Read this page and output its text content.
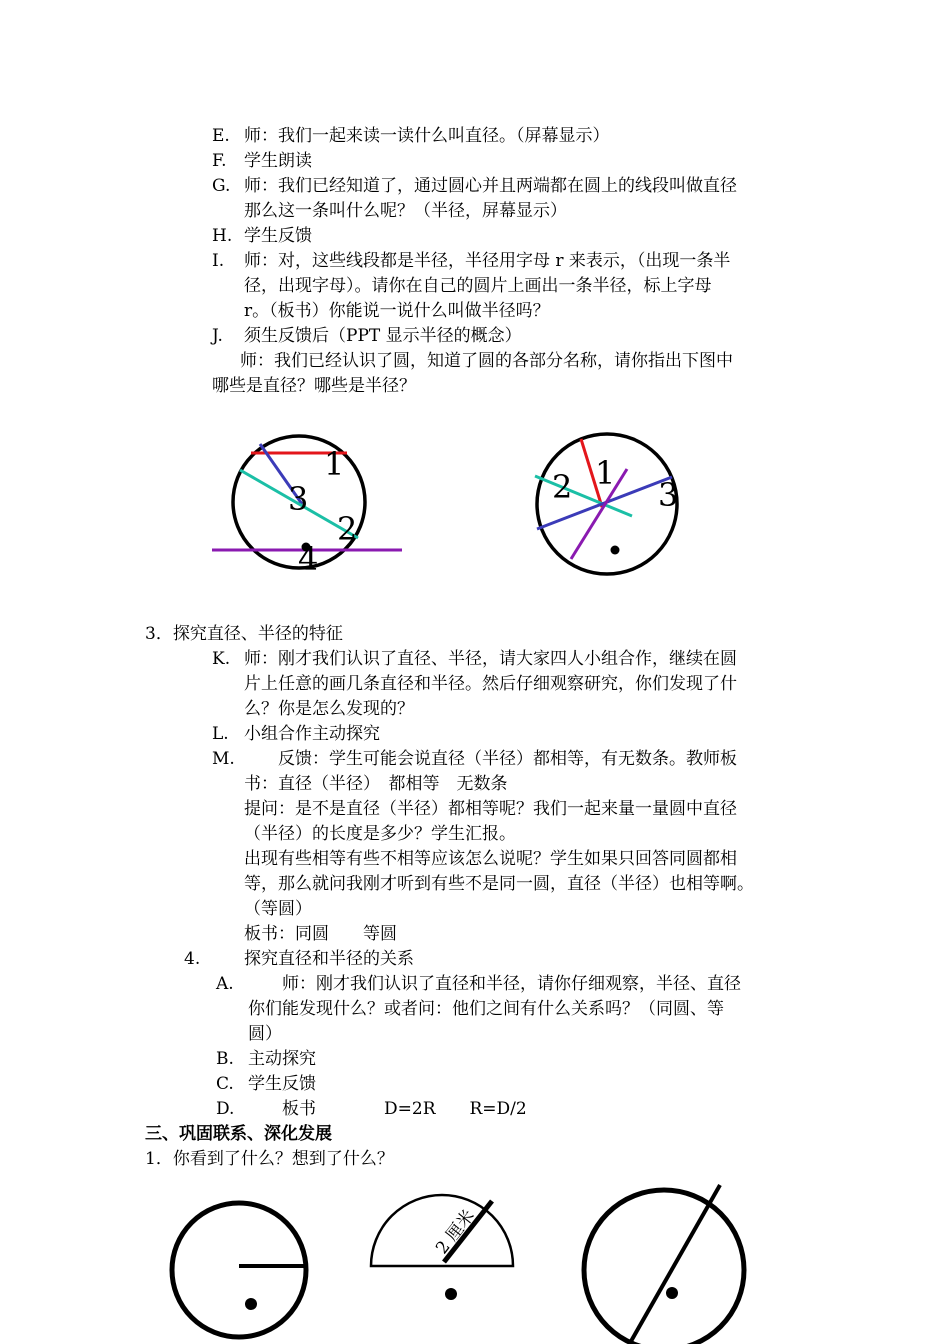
E. 师：我们一起来读一读什么叫直径。（屏幕显示）
F. 学生朗读
G. 师：我们已经知道了，通过圆心并且两端都在圆上的线段叫做直径
那么这一条叫什么呢？（半径，屏幕显示）
H. 学生反馈
I. 师：对，这些线段都是半径，半径用字母 r 来表示，（出现一条半
径，出现字母）。请你在自己的圆片上画出一条半径，标上字母
r。（板书）你能说一说什么叫做半径吗？
J. 须生反馈后（PPT 显示半径的概念）
师：我们已经认识了圆，知道了圆的各部分名称，请你指出下图中
哪些是直径？哪些是半径？
1
2
3
4
1
2	3
3．探究直径、半径的特征
K. 师：刚才我们认识了直径、半径，请大家四人小组合作，继续在圆
片上任意的画几条直径和半径。然后仔细观察研究，你们发现了什
么？你是怎么发现的？
L. 小组合作主动探究
M. 　　反馈：学生可能会说直径（半径）都相等，有无数条。教师板
书：直径（半径）　都相等　无数条
提问：是不是直径（半径）都相等呢？我们一起来量一量圆中直径
（半径）的长度是多少？学生汇报。
出现有些相等有些不相等应该怎么说呢？学生如果只回答同圆都相
等，那么就问我刚才听到有些不是同一圆，直径（半径）也相等啊。
（等圆）
板书：同圆　　等圆
4.	探究直径和半径的关系
A. 　　师：刚才我们认识了直径和半径，请你仔细观察，半径、直径
你们能发现什么？或者问：他们之间有什么关系吗？（同圆、等
圆）
B. 主动探究
C. 学生反馈
D. 　　板书　　　　D=2R　　R=D/2
三、巩固联系、深化发展
1．你看到了什么？想到了什么？
2 厘米
